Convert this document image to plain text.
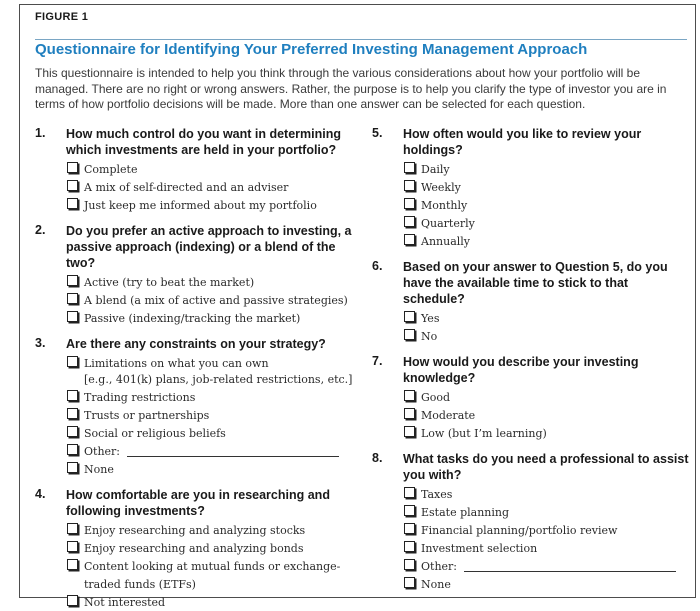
FIGURE 1
Questionnaire for Identifying Your Preferred Investing Management Approach
This questionnaire is intended to help you think through the various considerations about how your portfolio will be managed. There are no right or wrong answers. Rather, the purpose is to help you clarify the type of investor you are in terms of how portfolio decisions will be made. More than one answer can be selected for each question.
1. How much control do you want in determining which investments are held in your portfolio?
Complete
A mix of self-directed and an adviser
Just keep me informed about my portfolio
2. Do you prefer an active approach to investing, a passive approach (indexing) or a blend of the two?
Active (try to beat the market)
A blend (a mix of active and passive strategies)
Passive (indexing/tracking the market)
3. Are there any constraints on your strategy?
Limitations on what you can own
[e.g., 401(k) plans, job-related restrictions, etc.]
Trading restrictions
Trusts or partnerships
Social or religious beliefs
Other:
None
4. How comfortable are you in researching and following investments?
Enjoy researching and analyzing stocks
Enjoy researching and analyzing bonds
Content looking at mutual funds or exchange-traded funds (ETFs)
Not interested
5. How often would you like to review your holdings?
Daily
Weekly
Monthly
Quarterly
Annually
6. Based on your answer to Question 5, do you have the available time to stick to that schedule?
Yes
No
7. How would you describe your investing knowledge?
Good
Moderate
Low (but I’m learning)
8. What tasks do you need a professional to assist you with?
Taxes
Estate planning
Financial planning/portfolio review
Investment selection
Other:
None
